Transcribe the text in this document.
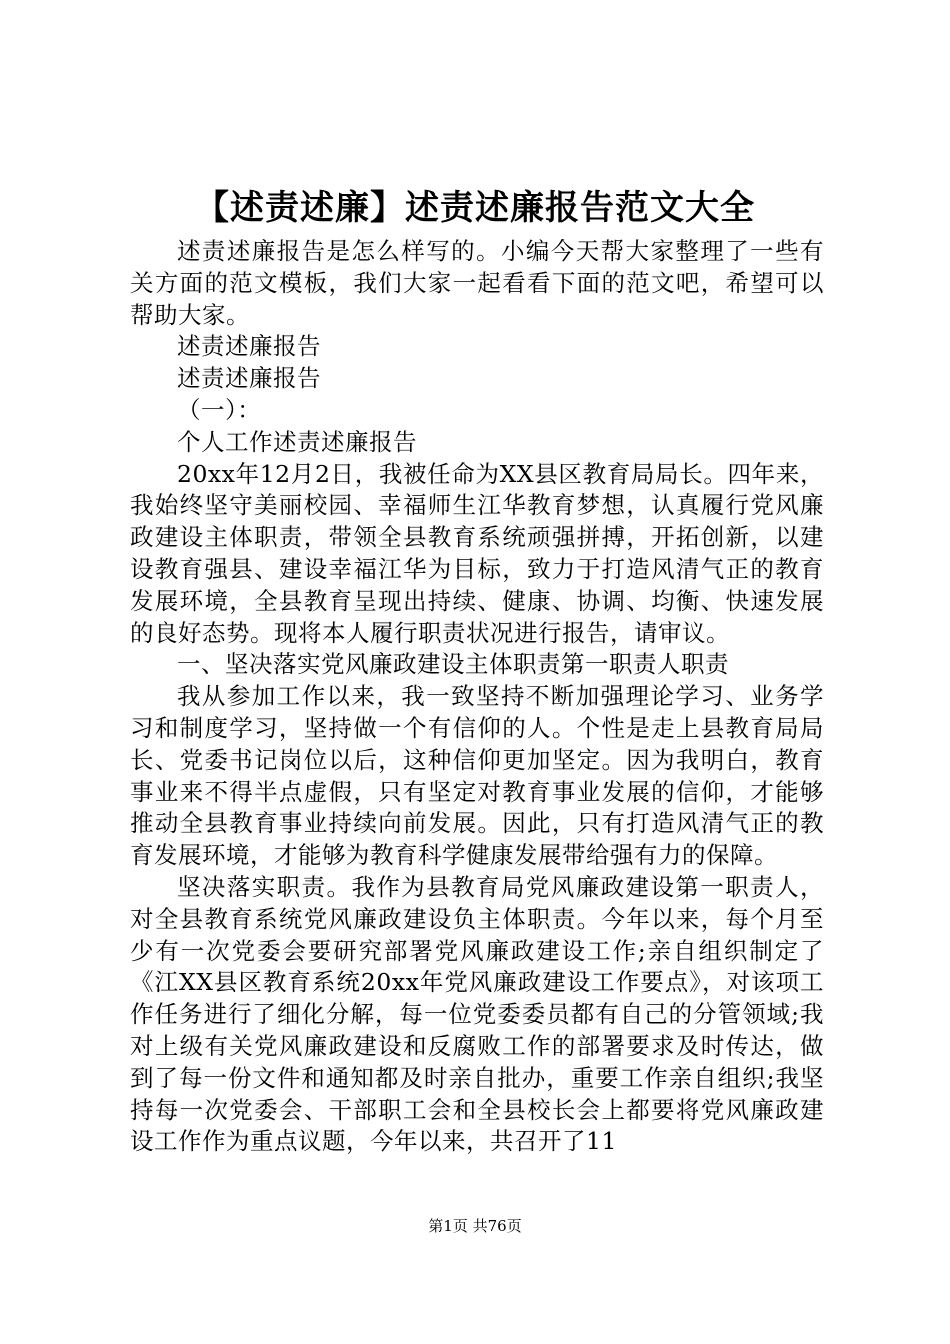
【述责述廉】述责述廉报告范文大全

述责述廉报告是怎么样写的。小编今天帮大家整理了一些有关方面的范文模板，我们大家一起看看下面的范文吧，希望可以帮助大家。

述责述廉报告

述责述廉报告

（一）：

个人工作述责述廉报告

20xx年12月2日，我被任命为XX县区教育局局长。四年来，我始终坚守美丽校园、幸福师生江华教育梦想，认真履行党风廉政建设主体职责，带领全县教育系统顽强拼搏，开拓创新，以建设教育强县、建设幸福江华为目标，致力于打造风清气正的教育发展环境，全县教育呈现出持续、健康、协调、均衡、快速发展的良好态势。现将本人履行职责状况进行报告，请审议。

一、坚决落实党风廉政建设主体职责第一职责人职责

我从参加工作以来，我一致坚持不断加强理论学习、业务学习和制度学习，坚持做一个有信仰的人。个性是走上县教育局局长、党委书记岗位以后，这种信仰更加坚定。因为我明白，教育事业来不得半点虚假，只有坚定对教育事业发展的信仰，才能够推动全县教育事业持续向前发展。因此，只有打造风清气正的教育发展环境，才能够为教育科学健康发展带给强有力的保障。

坚决落实职责。我作为县教育局党风廉政建设第一职责人，对全县教育系统党风廉政建设负主体职责。今年以来，每个月至少有一次党委会要研究部署党风廉政建设工作;亲自组织制定了《江XX县区教育系统20xx年党风廉政建设工作要点》，对该项工作任务进行了细化分解，每一位党委委员都有自己的分管领域;我对上级有关党风廉政建设和反腐败工作的部署要求及时传达，做到了每一份文件和通知都及时亲自批办，重要工作亲自组织;我坚持每一次党委会、干部职工会和全县校长会上都要将党风廉政建设工作作为重点议题，今年以来，共召开了11

第1页 共76页
